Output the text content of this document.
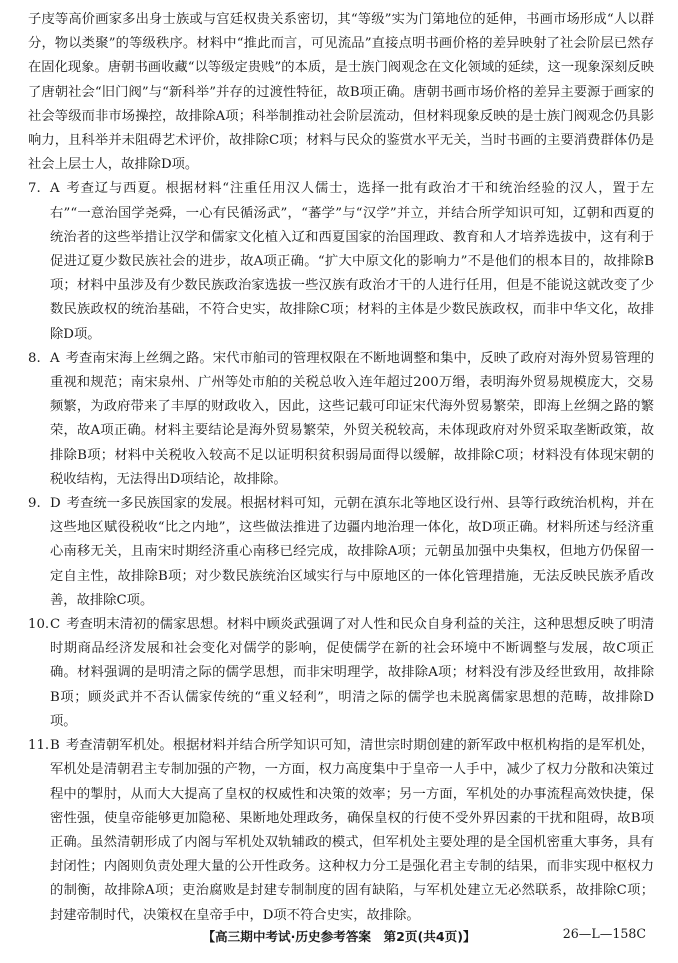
子庋等高价画家多出身士族或与宫廷权贵关系密切，其“等级”实为门第地位的延伸，书画市场形成“人以群分，物以类聚”的等级秩序。材料中“推此而言，可见流品”直接点明书画价格的差异映射了社会阶层已然存在固化现象。唐朝书画收藏“以等级定贵贱”的本质，是士族门阀观念在文化领域的延续，这一现象深刻反映了唐朝社会“旧门阀”与“新科举”并存的过渡性特征，故B项正确。唐朝书画市场价格的差异主要源于画家的社会等级而非市场操控，故排除A项；科举制推动社会阶层流动，但材料现象反映的是士族门阀观念仍具影响力，且科举并未阻碍艺术评价，故排除C项；材料与民众的鉴赏水平无关，当时书画的主要消费群体仍是社会上层士人，故排除D项。

7. A 考查辽与西夏。根据材料“注重任用汉人儒士，选择一批有政治才干和统治经验的汉人，置于左右”“一意治国学尧舜，一心有民循汤武”，“蕃学”与“汉学”并立，并结合所学知识可知，辽朝和西夏的统治者的这些举措让汉学和儒家文化植入辽和西夏国家的治国理政、教育和人才培养选拔中，这有利于促进辽夏少数民族社会的进步，故A项正确。“扩大中原文化的影响力”不是他们的根本目的，故排除B项；材料中虽涉及有少数民族政治家选拔一些汉族有政治才干的人进行任用，但是不能说这就改变了少数民族政权的统治基础，不符合史实，故排除C项；材料的主体是少数民族政权，而非中华文化，故排除D项。

8. A 考查南宋海上丝绸之路。宋代市舶司的管理权限在不断地调整和集中，反映了政府对海外贸易管理的重视和规范；南宋泉州、广州等处市舶的关税总收入连年超过200万缗，表明海外贸易规模庞大，交易频繁，为政府带来了丰厚的财政收入，因此，这些记载可印证宋代海外贸易繁荣，即海上丝绸之路的繁荣，故A项正确。材料主要结论是海外贸易繁荣，外贸关税较高，未体现政府对外贸采取垄断政策，故排除B项；材料中关税收入较高不足以证明积贫积弱局面得以缓解，故排除C项；材料没有体现宋朝的税收结构，无法得出D项结论，故排除。

9. D 考查统一多民族国家的发展。根据材料可知，元朝在滇东北等地区设行州、县等行政统治机构，并在这些地区赋役税收“比之内地”，这些做法推进了边疆内地治理一体化，故D项正确。材料所述与经济重心南移无关，且南宋时期经济重心南移已经完成，故排除A项；元朝虽加强中央集权，但地方仍保留一定自主性，故排除B项；对少数民族统治区域实行与中原地区的一体化管理措施，无法反映民族矛盾改善，故排除C项。

10.C 考查明末清初的儒家思想。材料中顾炎武强调了对人性和民众自身利益的关注，这种思想反映了明清时期商品经济发展和社会变化对儒学的影响，促使儒学在新的社会环境中不断调整与发展，故C项正确。材料强调的是明清之际的儒学思想，而非宋明理学，故排除A项；材料没有涉及经世致用，故排除B项；顾炎武并不否认儒家传统的“重义轻利”，明清之际的儒学也未脱离儒家思想的范畴，故排除D项。

11.B 考查清朝军机处。根据材料并结合所学知识可知，清世宗时期创建的新军政中枢机构指的是军机处，军机处是清朝君主专制加强的产物，一方面，权力高度集中于皇帝一人手中，减少了权力分散和决策过程中的掣肘，从而大大提高了皇权的权威性和决策的效率；另一方面，军机处的办事流程高效快捷，保密性强，使皇帝能够更加隐秘、果断地处理政务，确保皇权的行使不受外界因素的干扰和阻碍，故B项正确。虽然清朝形成了内阁与军机处双轨辅政的模式，但军机处主要处理的是全国机密重大事务，具有封闭性；内阁则负责处理大量的公开性政务。这种权力分工是强化君主专制的结果，而非实现中枢权力的制衡，故排除A项；吏治腐败是封建专制制度的固有缺陷，与军机处建立无必然联系，故排除C项；封建帝制时代，决策权在皇帝手中，D项不符合史实，故排除。

【高三期中考试·历史参考答案　第2页(共4页)】	26—L—158C
